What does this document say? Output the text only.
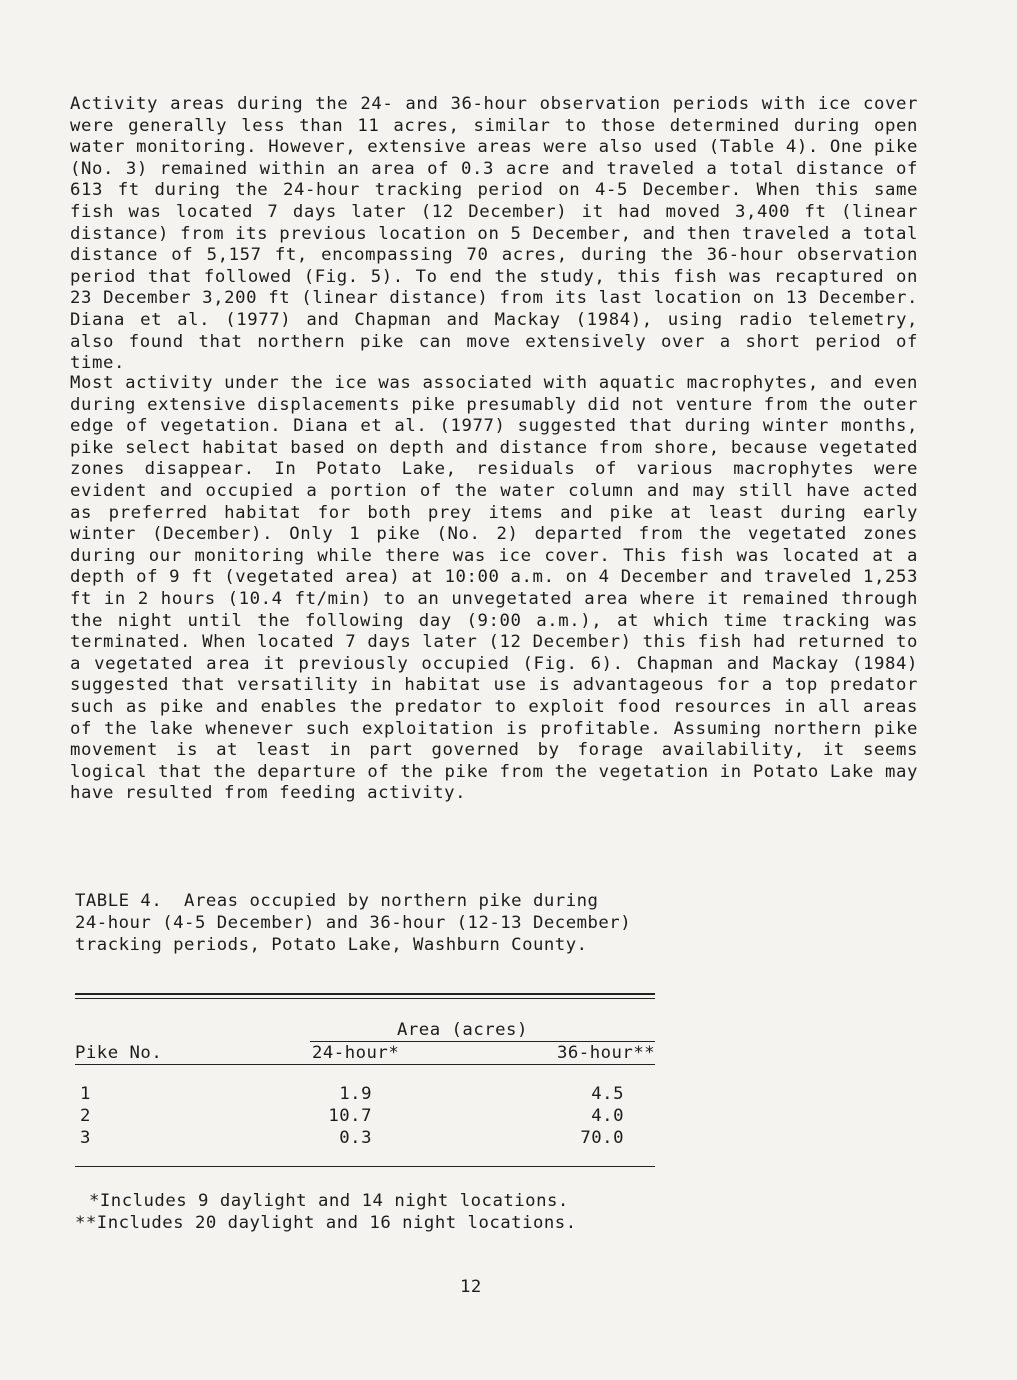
Activity areas during the 24- and 36-hour observation periods with ice cover were generally less than 11 acres, similar to those determined during open water monitoring. However, extensive areas were also used (Table 4). One pike (No. 3) remained within an area of 0.3 acre and traveled a total distance of 613 ft during the 24-hour tracking period on 4-5 December. When this same fish was located 7 days later (12 December) it had moved 3,400 ft (linear distance) from its previous location on 5 December, and then traveled a total distance of 5,157 ft, encompassing 70 acres, during the 36-hour observation period that followed (Fig. 5). To end the study, this fish was recaptured on 23 December 3,200 ft (linear distance) from its last location on 13 December. Diana et al. (1977) and Chapman and Mackay (1984), using radio telemetry, also found that northern pike can move extensively over a short period of time.

Most activity under the ice was associated with aquatic macrophytes, and even during extensive displacements pike presumably did not venture from the outer edge of vegetation. Diana et al. (1977) suggested that during winter months, pike select habitat based on depth and distance from shore, because vegetated zones disappear. In Potato Lake, residuals of various macrophytes were evident and occupied a portion of the water column and may still have acted as preferred habitat for both prey items and pike at least during early winter (December). Only 1 pike (No. 2) departed from the vegetated zones during our monitoring while there was ice cover. This fish was located at a depth of 9 ft (vegetated area) at 10:00 a.m. on 4 December and traveled 1,253 ft in 2 hours (10.4 ft/min) to an unvegetated area where it remained through the night until the following day (9:00 a.m.), at which time tracking was terminated. When located 7 days later (12 December) this fish had returned to a vegetated area it previously occupied (Fig. 6). Chapman and Mackay (1984) suggested that versatility in habitat use is advantageous for a top predator such as pike and enables the predator to exploit food resources in all areas of the lake whenever such exploitation is profitable. Assuming northern pike movement is at least in part governed by forage availability, it seems logical that the departure of the pike from the vegetation in Potato Lake may have resulted from feeding activity.

TABLE 4.  Areas occupied by northern pike during
24-hour (4-5 December) and 36-hour (12-13 December)
tracking periods, Potato Lake, Washburn County.
Area (acres)
Pike No.	24-hour*	36-hour**
1	1.9	4.5
2	10.7	4.0
3	0.3	70.0
*Includes 9 daylight and 14 night locations.
**Includes 20 daylight and 16 night locations.
12
